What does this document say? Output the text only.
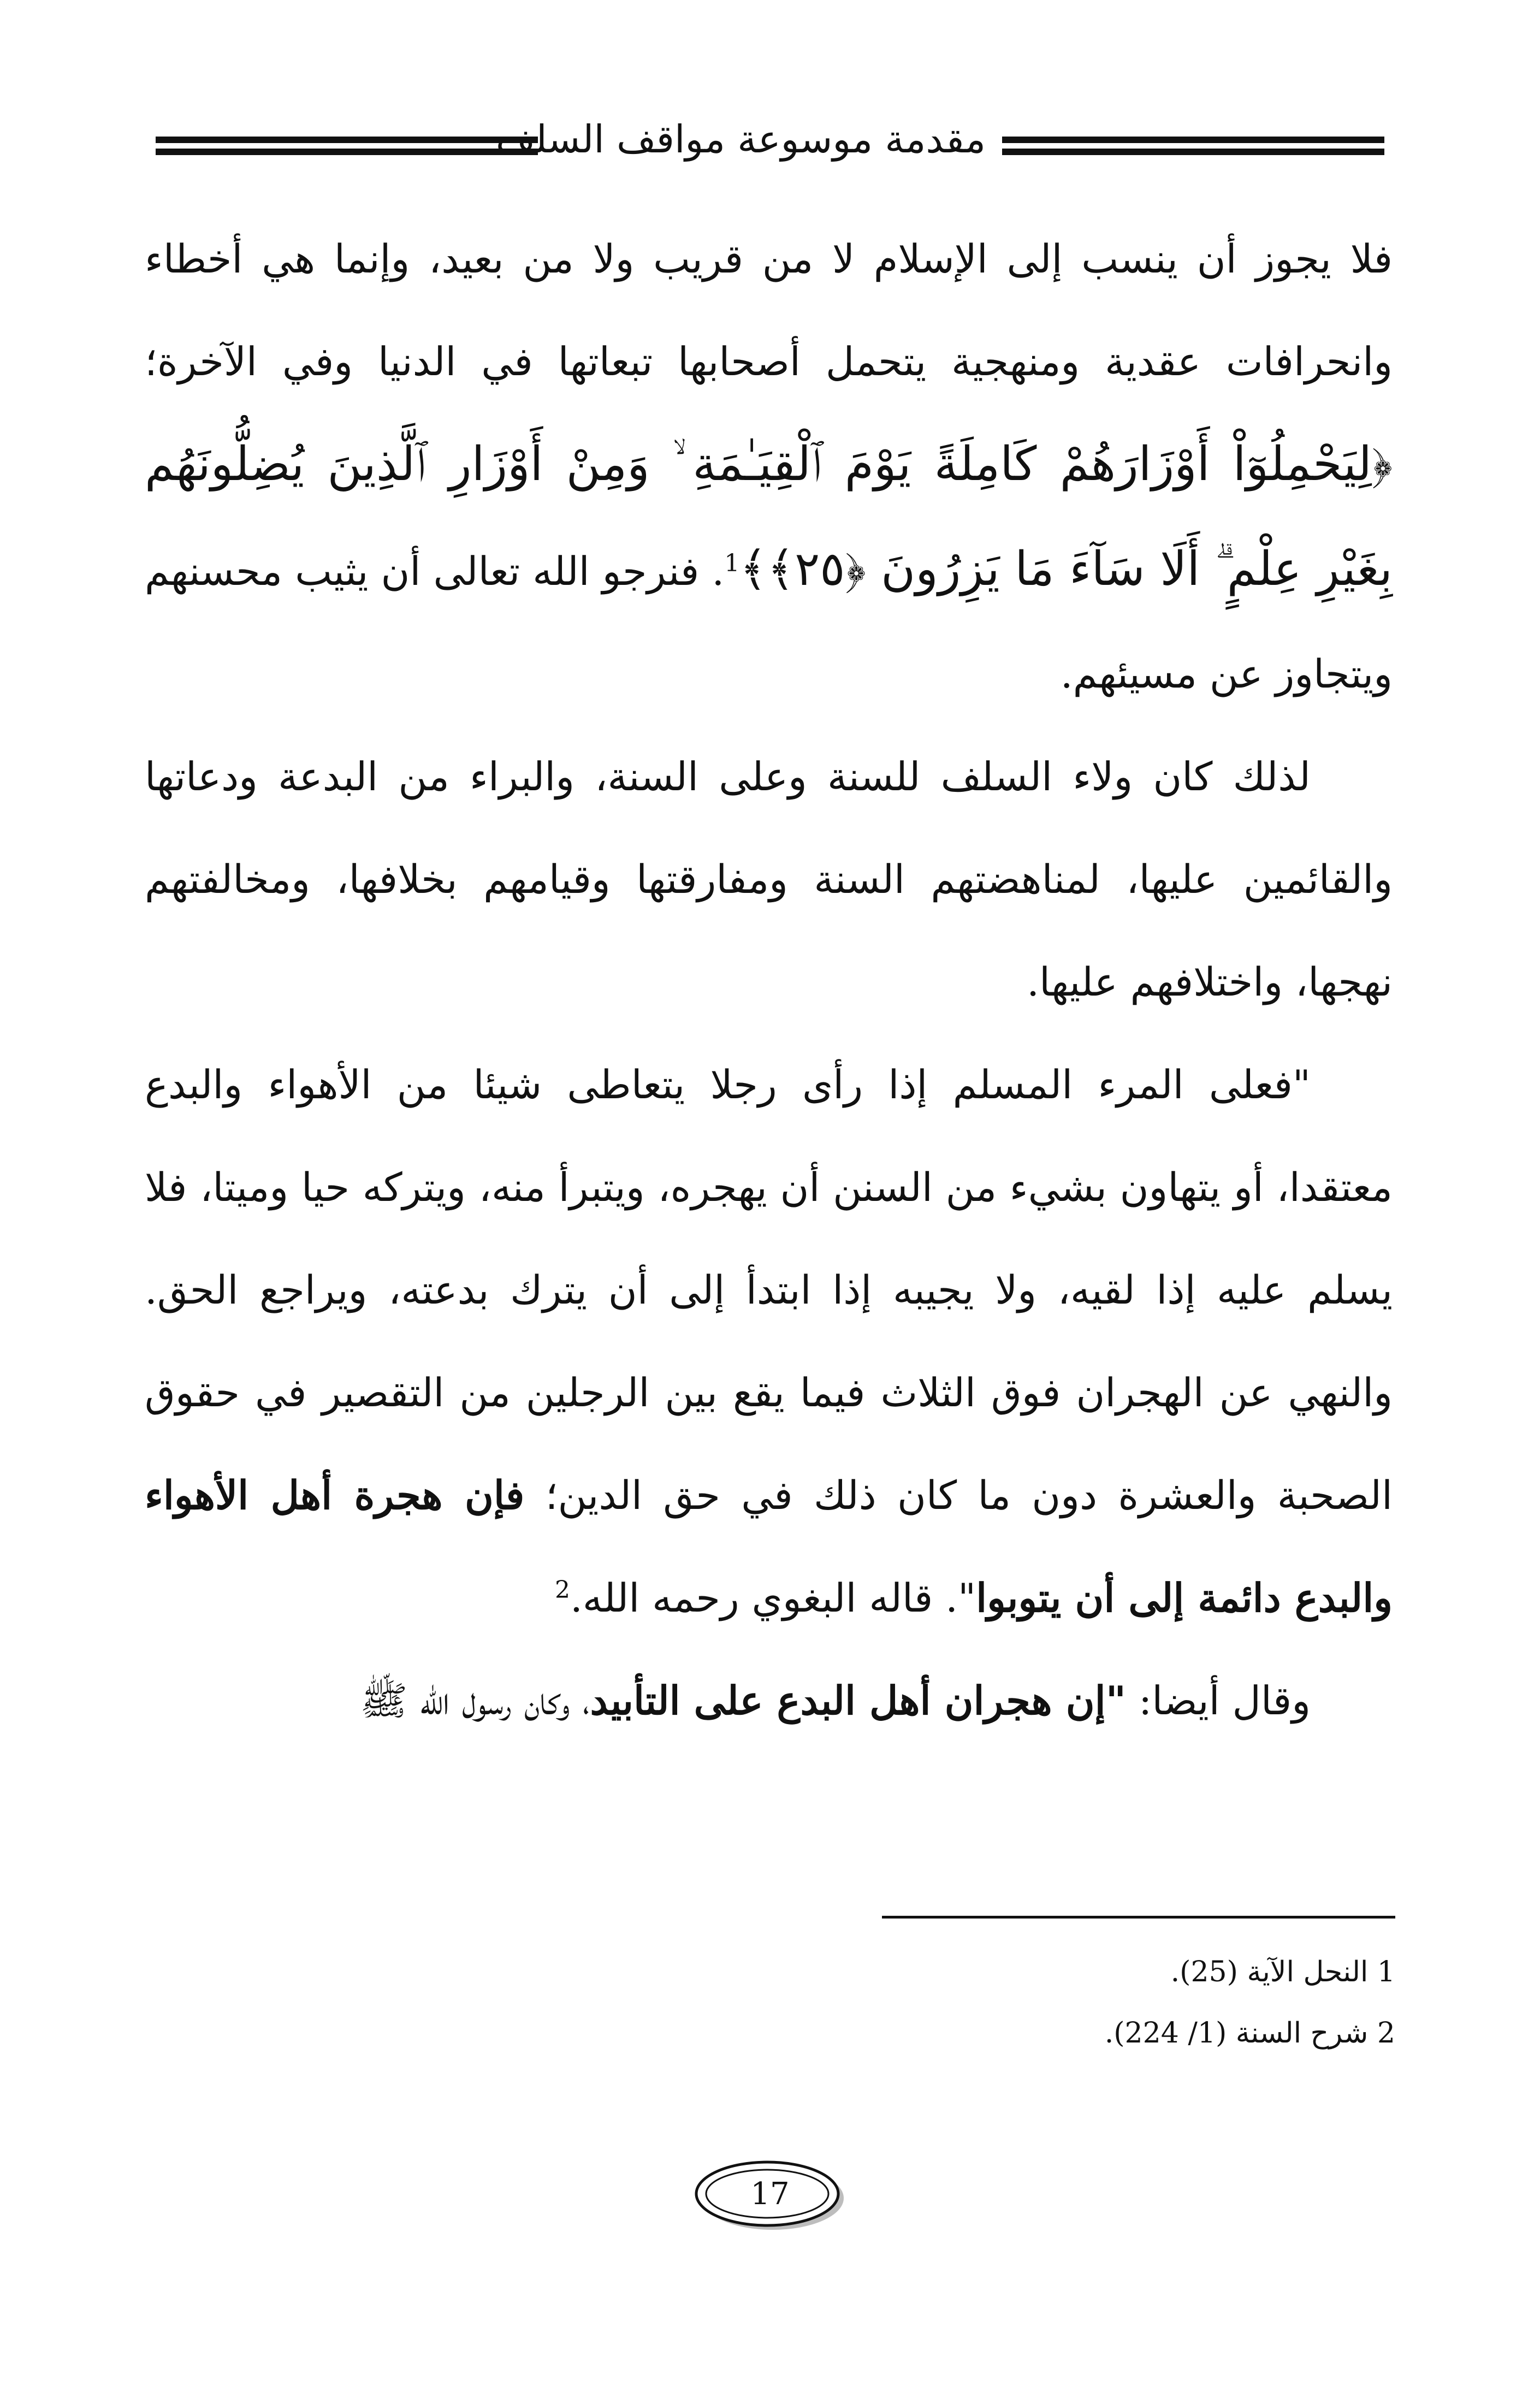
مقدمة موسوعة مواقف السلف

فلا يجوز أن ينسب إلى الإسلام لا من قريب ولا من بعيد، وإنما هي أخطاء وانحرافات عقدية ومنهجية يتحمل أصحابها تبعاتها في الدنيا وفي الآخرة؛ ﴿لِيَحْمِلُوٓاْ أَوْزَارَهُمْ كَامِلَةً يَوْمَ ٱلْقِيَـٰمَةِ ۙ وَمِنْ أَوْزَارِ ٱلَّذِينَ يُضِلُّونَهُم بِغَيْرِ عِلْمٍ ۗ أَلَا سَآءَ مَا يَزِرُونَ ﴿٢٥﴾﴾$^1$. فنرجو الله تعالى أن يثيب محسنهم ويتجاوز عن مسيئهم.

لذلك كان ولاء السلف للسنة وعلى السنة، والبراء من البدعة ودعاتها والقائمين عليها، لمناهضتهم السنة ومفارقتها وقيامهم بخلافها، ومخالفتهم نهجها، واختلافهم عليها.

"فعلى المرء المسلم إذا رأى رجلا يتعاطى شيئا من الأهواء والبدع معتقدا، أو يتهاون بشيء من السنن أن يهجره، ويتبرأ منه، ويتركه حيا وميتا، فلا يسلم عليه إذا لقيه، ولا يجيبه إذا ابتدأ إلى أن يترك بدعته، ويراجع الحق. والنهي عن الهجران فوق الثلاث فيما يقع بين الرجلين من التقصير في حقوق الصحبة والعشرة دون ما كان ذلك في حق الدين؛ فإن هجرة أهل الأهواء والبدع دائمة إلى أن يتوبوا". قاله البغوي رحمه الله.$^2$

وقال أيضا: "إن هجران أهل البدع على التأبيد، وكان رسول الله ﷺ

1 النحل الآية (25).

2 شرح السنة (1/ 224).

17
